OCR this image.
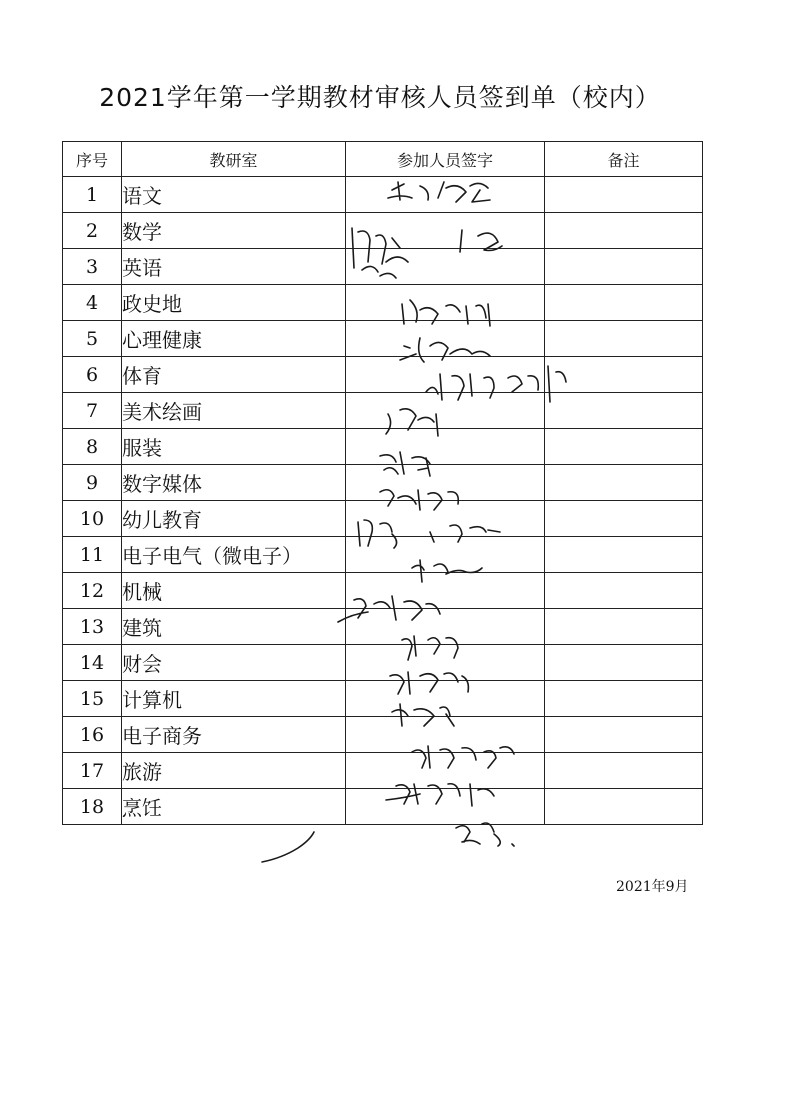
2021学年第一学期教材审核人员签到单（校内）
序号	教研室	参加人员签字	备注
1	语文		
2	数学		
3	英语		
4	政史地		
5	心理健康		
6	体育		
7	美术绘画		
8	服装		
9	数字媒体		
10	幼儿教育		
11	电子电气（微电子）		
12	机械		
13	建筑		
14	财会		
15	计算机		
16	电子商务		
17	旅游		
18	烹饪		
2021年9月
